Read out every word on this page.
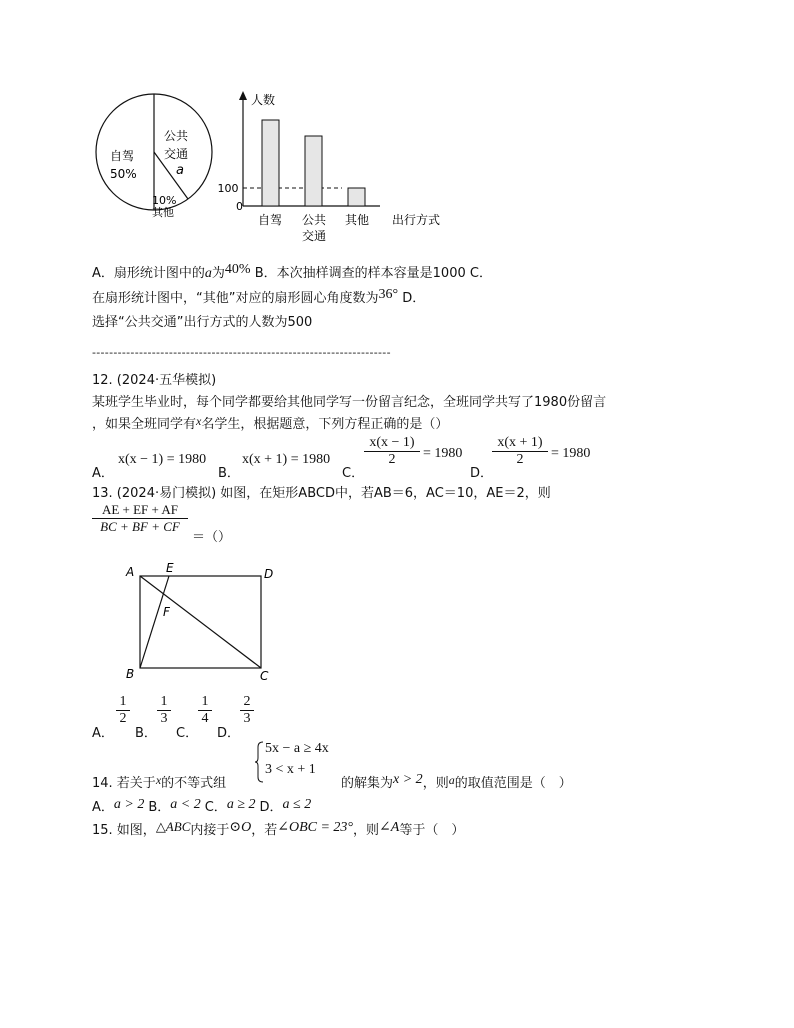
自驾
50%
公共
交通
a
10%
其他
人数
100
0
自驾 公共
交通
其他 出行方式
A．扇形统计图中的a为40% B．本次抽样调查的样本容量是1000 C．
在扇形统计图中，“其他”对应的扇形圆心角度数为36° D．
选择“公共交通”出行方式的人数为500
----------------------------------------------------------------------
12. (2024·五华模拟)
某班学生毕业时，每个同学都要给其他同学写一份留言纪念，全班同学共写了1980份留言
，如果全班同学有x名学生，根据题意，下列方程正确的是（）
A．
x(x − 1) = 1980
B．
x(x + 1) = 1980
C．
x(x − 1)
2	= 1980
D．
x(x + 1)
2	= 1980
13. (2024·易门模拟) 如图，在矩形ABCD中，若AB＝6，AC＝10，AE＝2，则
AE + EF + AF
BC + BF + CF
＝（）
A	E	D
F
B	C
A．
1
2
B．
1
3
C．
1
4
D．
2
3
14. 若关于x的不等式组
5x − a ≥ 4x
3 < x + 1
的解集为x > 2，则a的取值范围是（　）
A．a > 2 B．a < 2 C．a ≥ 2 D．a ≤ 2
15. 如图，△ABC内接于⊙O，若∠OBC = 23°，则∠A等于（　）
